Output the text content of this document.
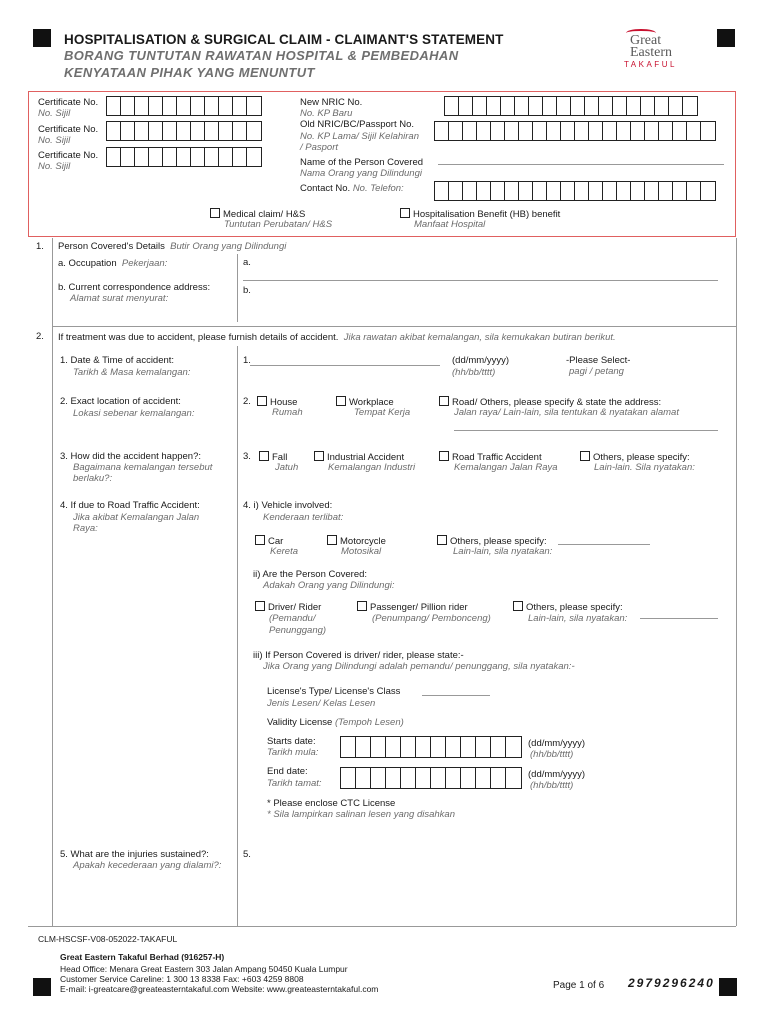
HOSPITALISATION & SURGICAL CLAIM - CLAIMANT'S STATEMENT
BORANG TUNTUTAN RAWATAN HOSPITAL & PEMBEDAHAN
KENYATAAN PIHAK YANG MENUNTUT
Great
Eastern
TAKAFUL
Certificate No.
No. Sijil
Certificate No.
No. Sijil
Certificate No.
No. Sijil
New NRIC No.
No. KP Baru
Old NRIC/BC/Passport No.
No. KP Lama/ Sijil Kelahiran
/ Pasport
Name of the Person Covered
Nama Orang yang Dilindungi
Contact No. No. Telefon:
Medical claim/ H&S
Tuntutan Perubatan/ H&S
Hospitalisation Benefit (HB) benefit
Manfaat Hospital
1. Person Covered's Details Butir Orang yang Dilindungi
a. Occupation Pekerjaan:	a.
b. Current correspondence address:
Alamat surat menyurat:
b.
2. If treatment was due to accident, please furnish details of accident. Jika rawatan akibat kemalangan, sila kemukakan butiran berikut.
1. Date & Time of accident:
Tarikh & Masa kemalangan:
1.	(dd/mm/yyyy)
(hh/bb/tttt)
-Please Select-
pagi / petang
2. Exact location of accident:
Lokasi sebenar kemalangan:
2.	House
Rumah
Workplace
Tempat Kerja
Road/ Others, please specify & state the address:
Jalan raya/ Lain-lain, sila tentukan & nyatakan alamat
3. How did the accident happen?:
Bagaimana kemalangan tersebut
berlaku?:
3.	Fall
Jatuh
Industrial Accident
Kemalangan Industri
Road Traffic Accident
Kemalangan Jalan Raya
Others, please specify:
Lain-lain. Sila nyatakan:
4. If due to Road Traffic Accident:
Jika akibat Kemalangan Jalan
Raya:
4. i) Vehicle involved:
Kenderaan terlibat:
Car
Kereta
Motorcycle
Motosikal
Others, please specify:
Lain-lain, sila nyatakan:
ii) Are the Person Covered:
Adakah Orang yang Dilindungi:
Driver/ Rider
(Pemandu/
Penunggang)
Passenger/ Pillion rider
(Penumpang/ Pembonceng)
Others, please specify:
Lain-lain, sila nyatakan:
iii) If Person Covered is driver/ rider, please state:-
Jika Orang yang Dilindungi adalah pemandu/ penunggang, sila nyatakan:-
License's Type/ License's Class
Jenis Lesen/ Kelas Lesen
Validity License (Tempoh Lesen)
Starts date:
Tarikh mula:
(dd/mm/yyyy)
(hh/bb/tttt)
End date:
Tarikh tamat:
(dd/mm/yyyy)
(hh/bb/tttt)
* Please enclose CTC License
* Sila lampirkan salinan lesen yang disahkan
5. What are the injuries sustained?:
Apakah kecederaan yang dialami?:
5.
CLM-HSCSF-V08-052022-TAKAFUL
Great Eastern Takaful Berhad (916257-H)
Head Office: Menara Great Eastern 303 Jalan Ampang 50450 Kuala Lumpur
Customer Service Careline: 1 300 13 8338 Fax: +603 4259 8808
E-mail: i-greatcare@greateasterntakaful.com Website: www.greateasterntakaful.com	Page 1 of 6 2979296240
